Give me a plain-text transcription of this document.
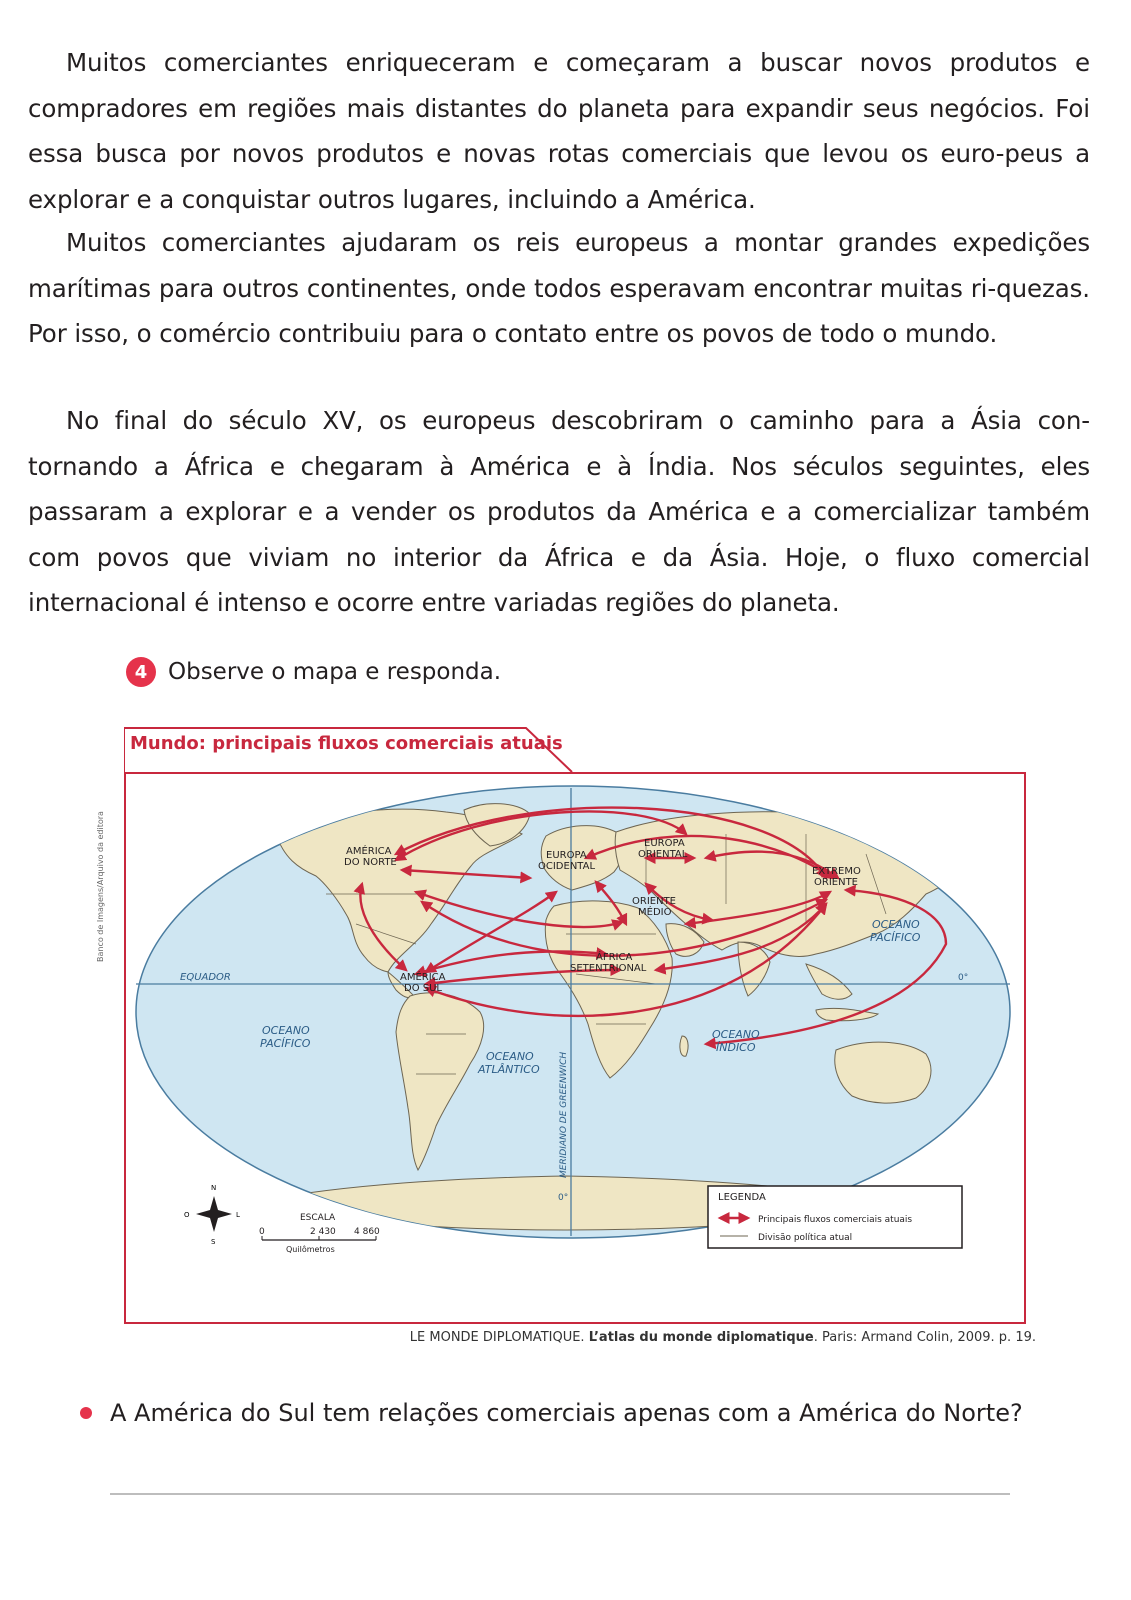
Muitos comerciantes enriqueceram e começaram a buscar novos produtos e compradores em regiões mais distantes do planeta para expandir seus negócios. Foi essa busca por novos produtos e novas rotas comerciais que levou os euro-peus a explorar e a conquistar outros lugares, incluindo a América.

Muitos comerciantes ajudaram os reis europeus a montar grandes expedições marítimas para outros continentes, onde todos esperavam encontrar muitas ri-quezas. Por isso, o comércio contribuiu para o contato entre os povos de todo o mundo.

No final do século XV, os europeus descobriram o caminho para a Ásia con-tornando a África e chegaram à América e à Índia. Nos séculos seguintes, eles passaram a explorar e a vender os produtos da América e a comercializar também com povos que viviam no interior da África e da Ásia. Hoje, o fluxo comercial internacional é intenso e ocorre entre variadas regiões do planeta.

4 Observe o mapa e responda.
Mundo: principais fluxos comerciais atuais
Banco de Imagens/Arquivo da editora	AMÉRICA DO NORTE
EUROPA OCIDENTAL
EUROPA ORIENTAL
EXTREMO ORIENTE
ORIENTE MÉDIO
ÁFRICA SETENTRIONAL
AMÉRICA DO SUL
OCEANO PACÍFICO
OCEANO PACÍFICO
OCEANO ATLÂNTICO
OCEANO ÍNDICO
EQUADOR	0°
MERIDIANO DE GREENWICH
0°
N
S
L
O	ESCALA
0	2 430 4 860
Quilômetros
LEGENDA
Principais fluxos comerciais atuais
Divisão política atual
LE MONDE DIPLOMATIQUE. L’atlas du monde diplomatique. Paris: Armand Colin, 2009. p. 19.
A América do Sul tem relações comerciais apenas com a América do Norte?
